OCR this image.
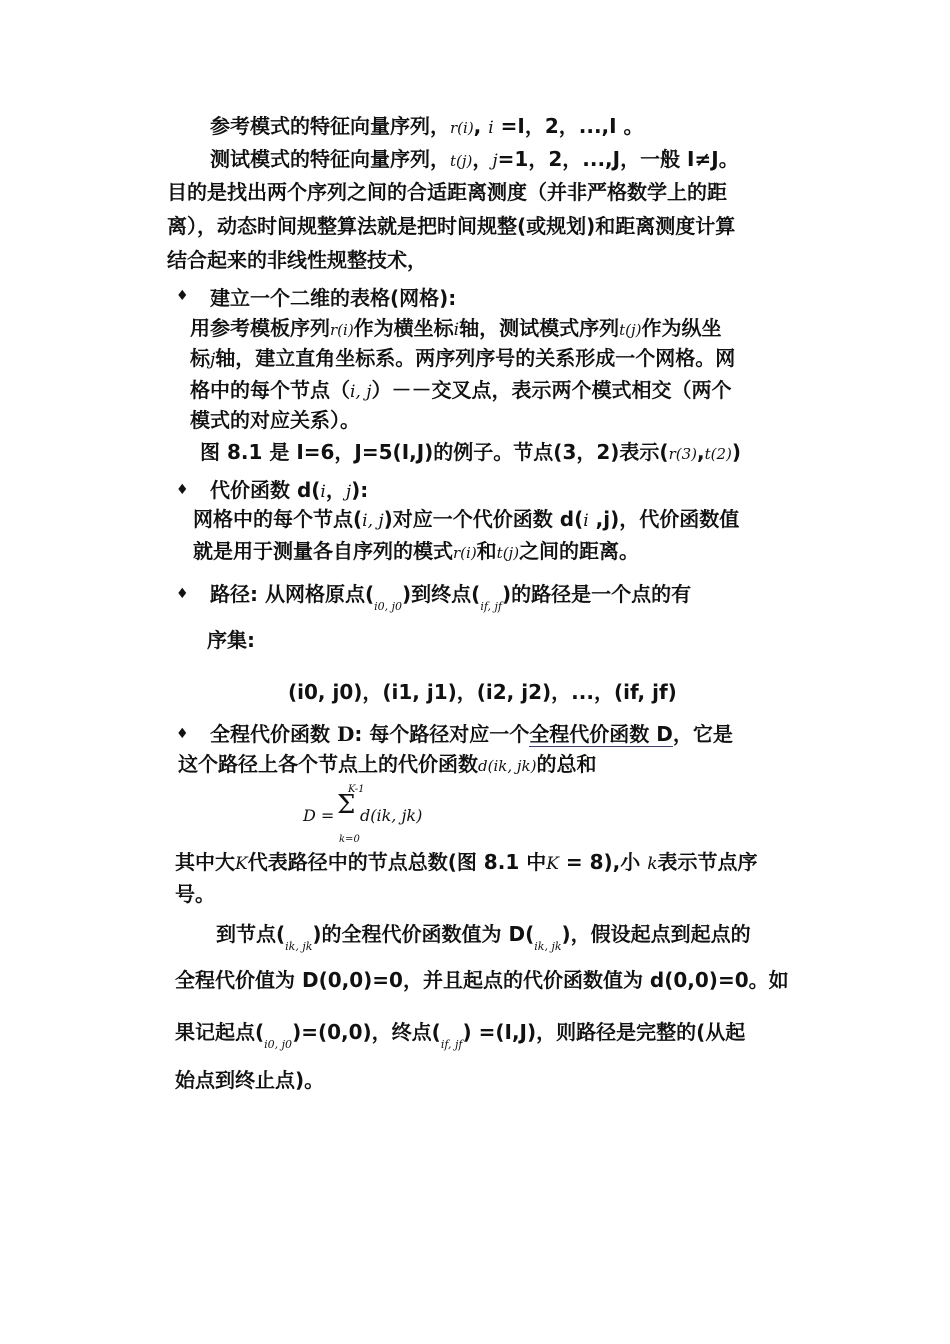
参考模式的特征向量序列，r(i), i =I，2，...,I 。
测试模式的特征向量序列，t(j)，j=1，2，...,J，一般 I≠J。
目的是找出两个序列之间的合适距离测度（并非严格数学上的距
离），动态时间规整算法就是把时间规整(或规划)和距离测度计算
结合起来的非线性规整技术，
♦ 建立一个二维的表格(网格):
用参考模板序列r(i)作为横坐标i轴，测试模式序列t(j)作为纵坐
标j轴，建立直角坐标系。两序列序号的关系形成一个网格。网
格中的每个节点（i, j）－－交叉点，表示两个模式相交（两个
模式的对应关系）。
图 8.1 是 I=6，J=5(I,J)的例子。节点(3，2)表示(r(3),t(2))
♦ 代价函数 d(i，j):
网格中的每个节点(i, j)对应一个代价函数 d(i ,j)，代价函数值
就是用于测量各自序列的模式r(i)和t(j)之间的距离。
♦ 路径: 从网格原点$(_{i0, j0})$到终点$(_{if, jf})$的路径是一个点的有
序集:
(i0, j0)，(i1, j1)，(i2, j2)，...，(if, jf)
♦ 全程代价函数 D: 每个路径对应一个全程代价函数 D，它是
这个路径上各个节点上的代价函数d(ik, jk)的总和
D = Σ
K-1
k=0
d(ik, jk)
其中大K代表路径中的节点总数(图 8.1 中K = 8),小 k表示节点序
号。
到节点$(_{ik, jk})$的全程代价函数值为 $D(_{ik, jk})$，假设起点到起点的
全程代价值为 D(0,0)=0，并且起点的代价函数值为 d(0,0)=0。如
果记起点$(_{i0, j0})=(0,0)$，终点$(_{if, jf}) =(I,J)$，则路径是完整的(从起
始点到终止点)。
